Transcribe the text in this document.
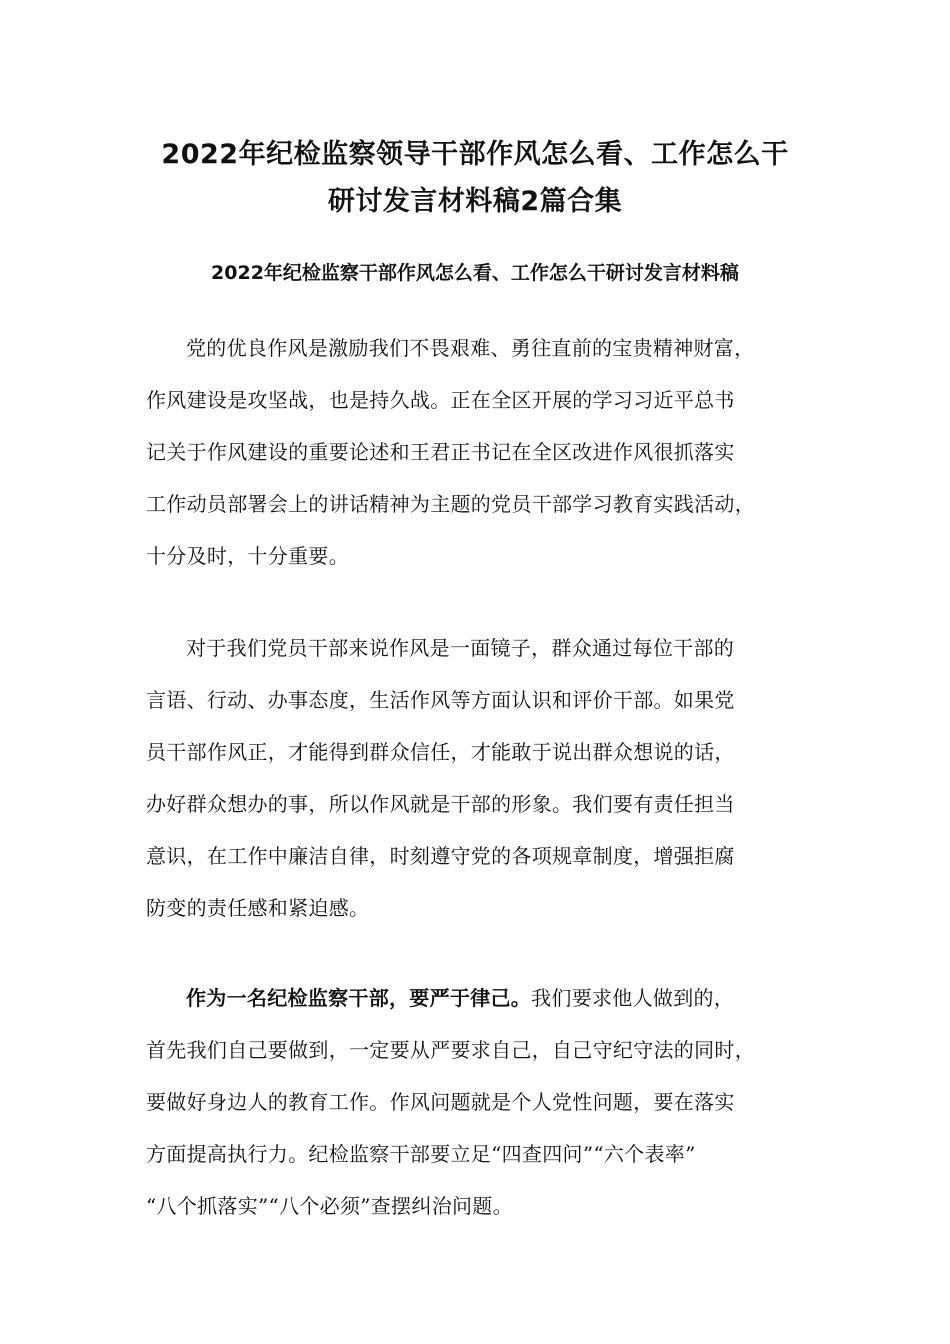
2022年纪检监察领导干部作风怎么看、工作怎么干
研讨发言材料稿2篇合集
2022年纪检监察干部作风怎么看、工作怎么干研讨发言材料稿
党的优良作风是激励我们不畏艰难、勇往直前的宝贵精神财富，
作风建设是攻坚战，也是持久战。正在全区开展的学习习近平总书
记关于作风建设的重要论述和王君正书记在全区改进作风很抓落实
工作动员部署会上的讲话精神为主题的党员干部学习教育实践活动，
十分及时，十分重要。
对于我们党员干部来说作风是一面镜子，群众通过每位干部的
言语、行动、办事态度，生活作风等方面认识和评价干部。如果党
员干部作风正，才能得到群众信任，才能敢于说出群众想说的话，
办好群众想办的事，所以作风就是干部的形象。我们要有责任担当
意识，在工作中廉洁自律，时刻遵守党的各项规章制度，增强拒腐
防变的责任感和紧迫感。
作为一名纪检监察干部，要严于律己。我们要求他人做到的，
首先我们自己要做到，一定要从严要求自己，自己守纪守法的同时，
要做好身边人的教育工作。作风问题就是个人党性问题，要在落实
方面提高执行力。纪检监察干部要立足“四查四问”“六个表率”
“八个抓落实”“八个必须”查摆纠治问题。
